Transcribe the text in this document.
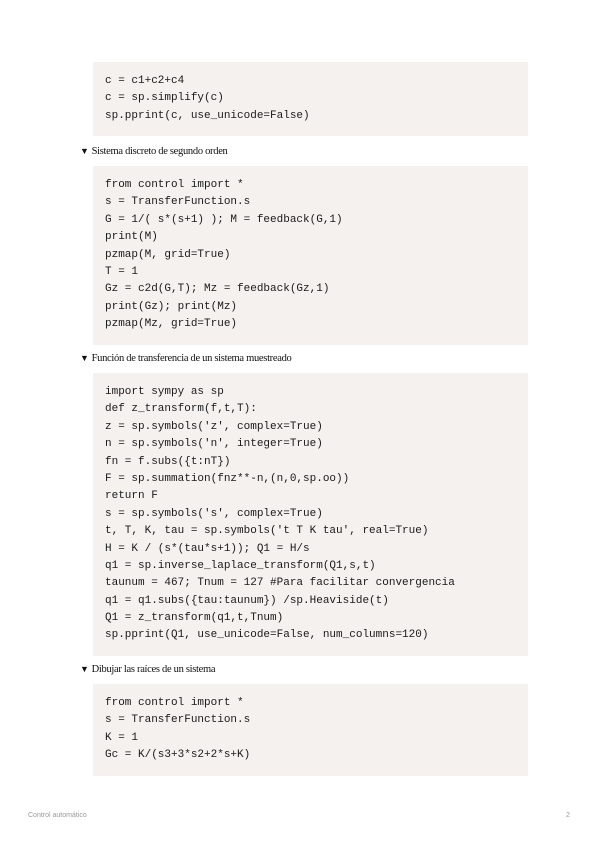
c = c1+c2+c4
c = sp.simplify(c)
sp.pprint(c, use_unicode=False)
▼ Sistema discreto de segundo orden
from control import *
s = TransferFunction.s
G = 1/( s*(s+1) ); M = feedback(G,1)
print(M)
pzmap(M, grid=True)
T = 1
Gz = c2d(G,T); Mz = feedback(Gz,1)
print(Gz); print(Mz)
pzmap(Mz, grid=True)
▼ Función de transferencia de un sistema muestreado
import sympy as sp
def z_transform(f,t,T):
z = sp.symbols('z', complex=True)
n = sp.symbols('n', integer=True)
fn = f.subs({t:nT})
F = sp.summation(fnz**-n,(n,0,sp.oo))
return F
s = sp.symbols('s', complex=True)
t, T, K, tau = sp.symbols('t T K tau', real=True)
H = K / (s*(tau*s+1)); Q1 = H/s
q1 = sp.inverse_laplace_transform(Q1,s,t)
taunum = 467; Tnum = 127 #Para facilitar convergencia
q1 = q1.subs({tau:taunum}) /sp.Heaviside(t)
Q1 = z_transform(q1,t,Tnum)
sp.pprint(Q1, use_unicode=False, num_columns=120)
▼ Dibujar las raíces de un sistema
from control import *
s = TransferFunction.s
K = 1
Gc = K/(s3+3*s2+2*s+K)
Control automático	2
